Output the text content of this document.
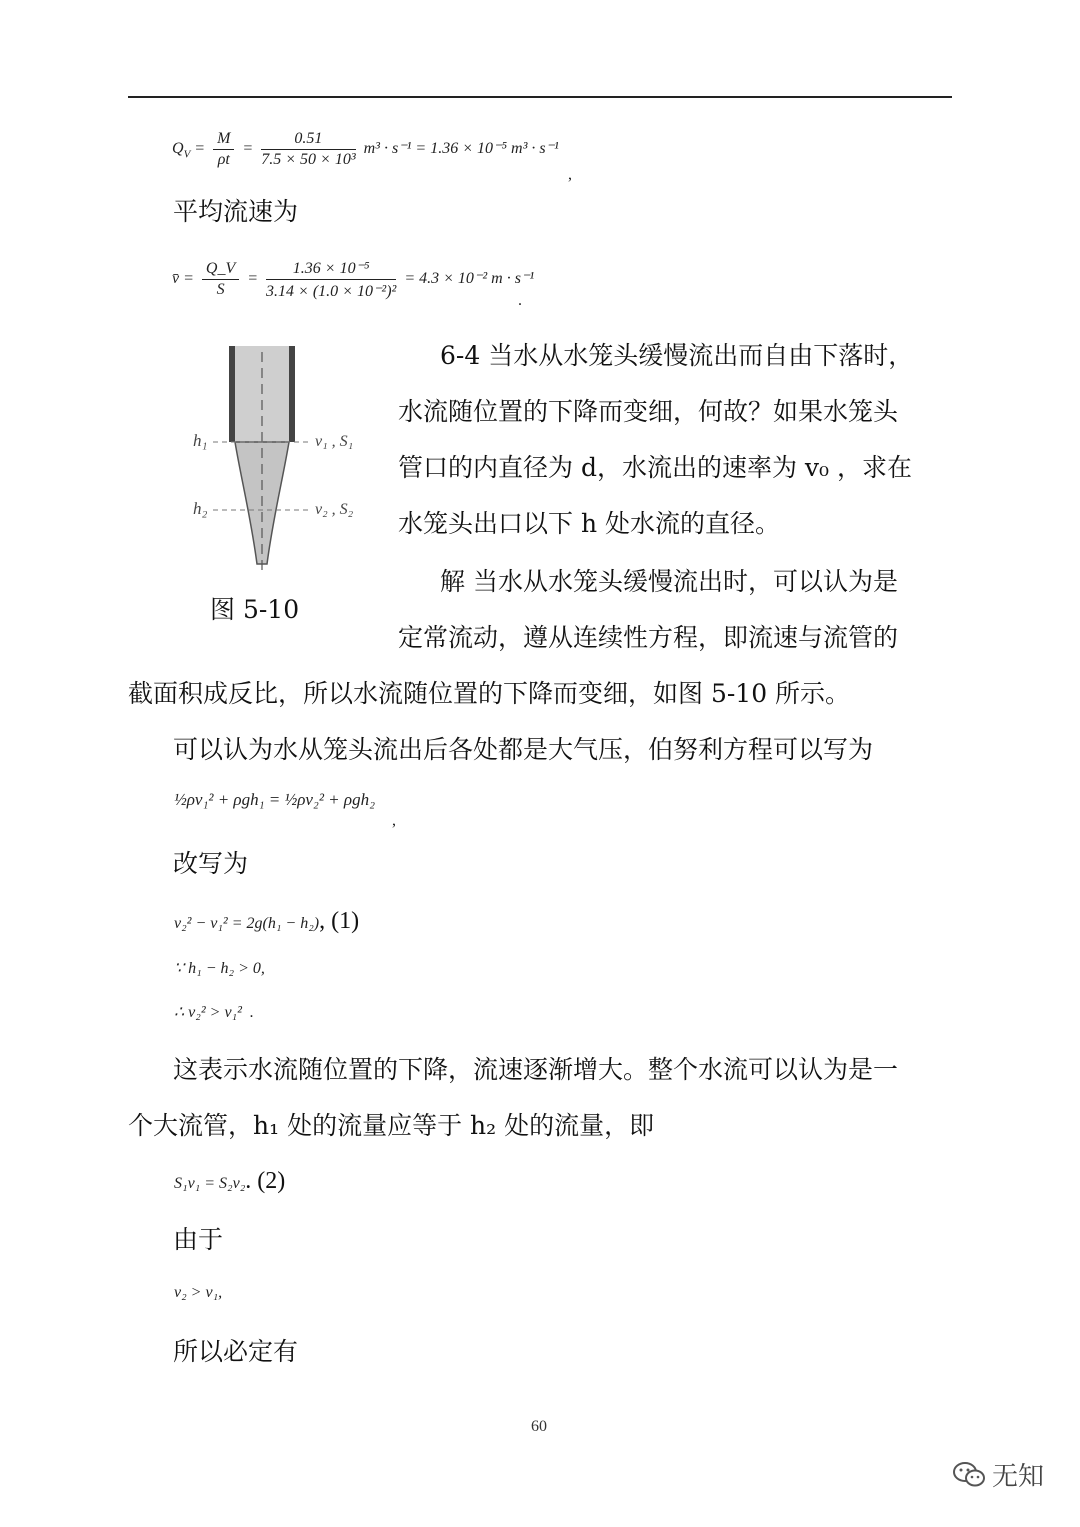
$Q_V = \frac{M}{\rho t} = \frac{0.51}{\text{7.5 × 50 × 10³}} m^3 \cdot s^{-1} = 1.36 \times 10^{-5}$ m³ · s⁻¹
,
平均流速为
v̄ = $\frac{Q\_V}{S} = \frac{\text{1.36 × 10⁻⁵}}{\text{3.14 × (1.0 × 10⁻²)²}} = 4.3 \times 10^{-2}$ m · s⁻¹
.
h₁
h₂
v₁ , S₁
v₂ , S₂
图 5-10
6-4 当水从水笼头缓慢流出而自由下落时，
水流随位置的下降而变细，何故？如果水笼头
管口的内直径为 d，水流出的速率为 v₀ ，求在
水笼头出口以下 h 处水流的直径。
解 当水从水笼头缓慢流出时，可以认为是
定常流动，遵从连续性方程，即流速与流管的
截面积成反比，所以水流随位置的下降而变细，如图 5-10 所示。
可以认为水从笼头流出后各处都是大气压，伯努利方程可以写为
½ρv₁² + ρgh₁ = ½ρv₂² + ρgh₂
,
改写为
v₂² − v₁² = 2g(h₁ − h₂), (1)
∵ h₁ − h₂ > 0,
∴ v₂² > v₁² .
这表示水流随位置的下降，流速逐渐增大。整个水流可以认为是一
个大流管，h₁ 处的流量应等于 h₂ 处的流量，即
S₁v₁ = S₂v₂. (2)
由于
v₂ > v₁,
所以必定有
60
无知
